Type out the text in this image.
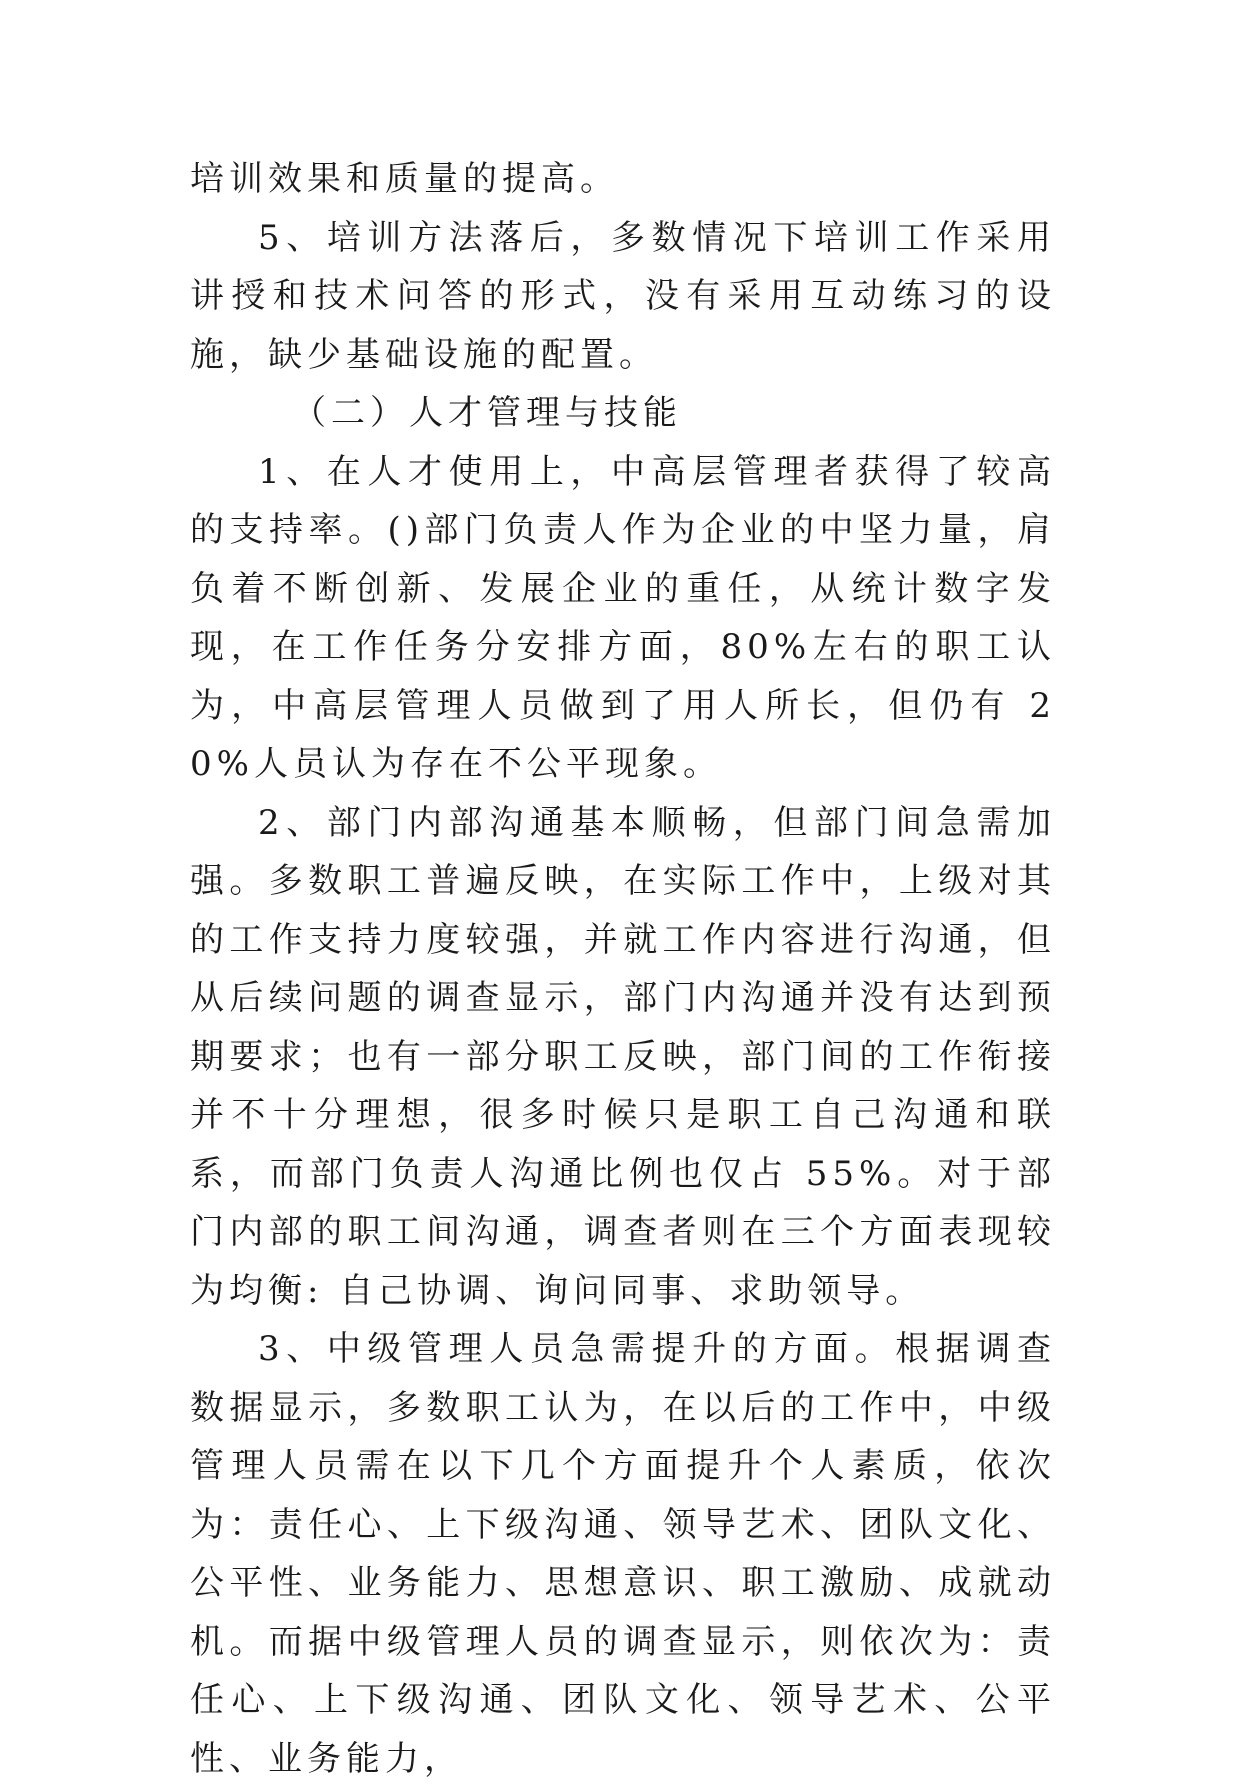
培训效果和质量的提高。

5、培训方法落后，多数情况下培训工作采用讲授和技术问答的形式，没有采用互动练习的设施，缺少基础设施的配置。

（二）人才管理与技能

1、在人才使用上，中高层管理者获得了较高的支持率。()部门负责人作为企业的中坚力量，肩负着不断创新、发展企业的重任，从统计数字发现，在工作任务分安排方面，80%左右的职工认为，中高层管理人员做到了用人所长，但仍有 20%人员认为存在不公平现象。

2、部门内部沟通基本顺畅，但部门间急需加强。多数职工普遍反映，在实际工作中，上级对其的工作支持力度较强，并就工作内容进行沟通，但从后续问题的调查显示，部门内沟通并没有达到预期要求；也有一部分职工反映，部门间的工作衔接并不十分理想，很多时候只是职工自己沟通和联系，而部门负责人沟通比例也仅占 55%。对于部门内部的职工间沟通，调查者则在三个方面表现较为均衡: 自己协调、询问同事、求助领导。

3、中级管理人员急需提升的方面。根据调查数据显示，多数职工认为，在以后的工作中，中级管理人员需在以下几个方面提升个人素质，依次为：责任心、上下级沟通、领导艺术、团队文化、公平性、业务能力、思想意识、职工激励、成就动机。而据中级管理人员的调查显示，则依次为：责任心、上下级沟通、团队文化、领导艺术、公平性、业务能力，
